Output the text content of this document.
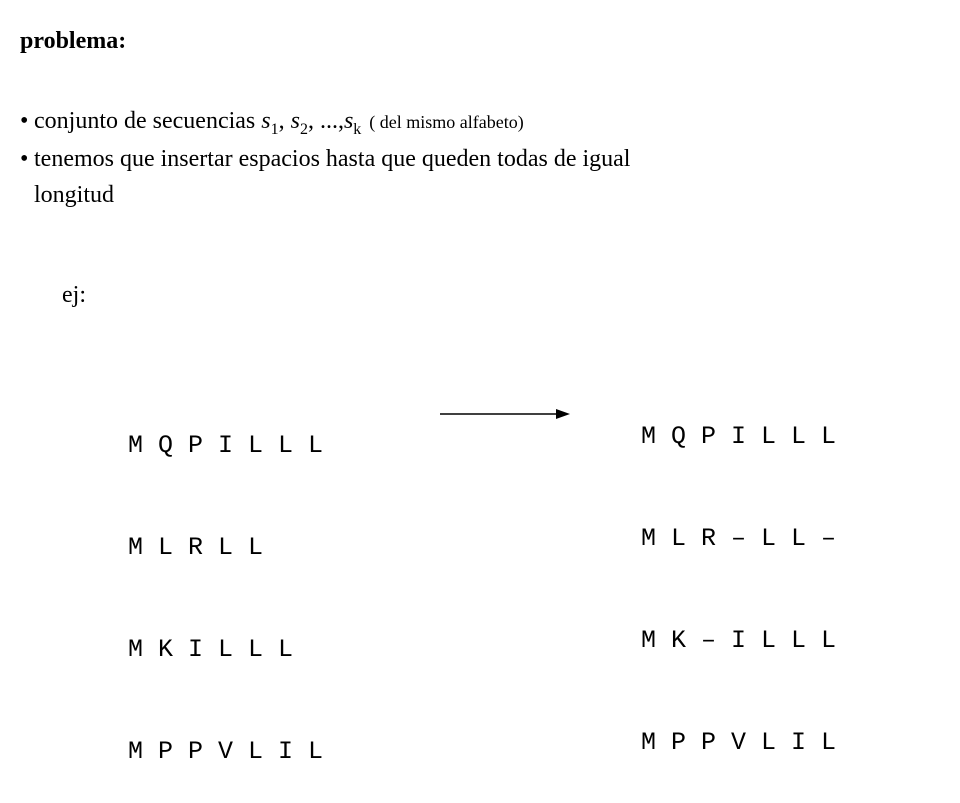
problema:
• conjunto de secuencias $s_1$, $s_2$, $...,s_k$ ( del mismo alfabeto)
• tenemos que insertar espacios hasta que queden todas de igual
longitud
ej:

M Q P I L L L

M L R L L

M K I L L L

M P P V L I L

M Q P I L L L

M L R – L L –

M K – I L L L

M P P V L I L
